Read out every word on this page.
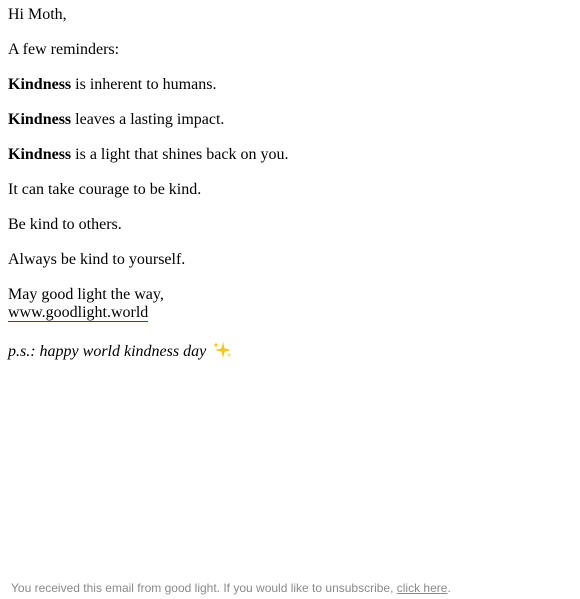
Hi Moth,

A few reminders:

Kindness is inherent to humans.

Kindness leaves a lasting impact.

Kindness is a light that shines back on you.

It can take courage to be kind.

Be kind to others.

Always be kind to yourself.

May good light the way,
www.goodlight.world

p.s.: happy world kindness day

You received this email from good light. If you would like to unsubscribe, click here.
